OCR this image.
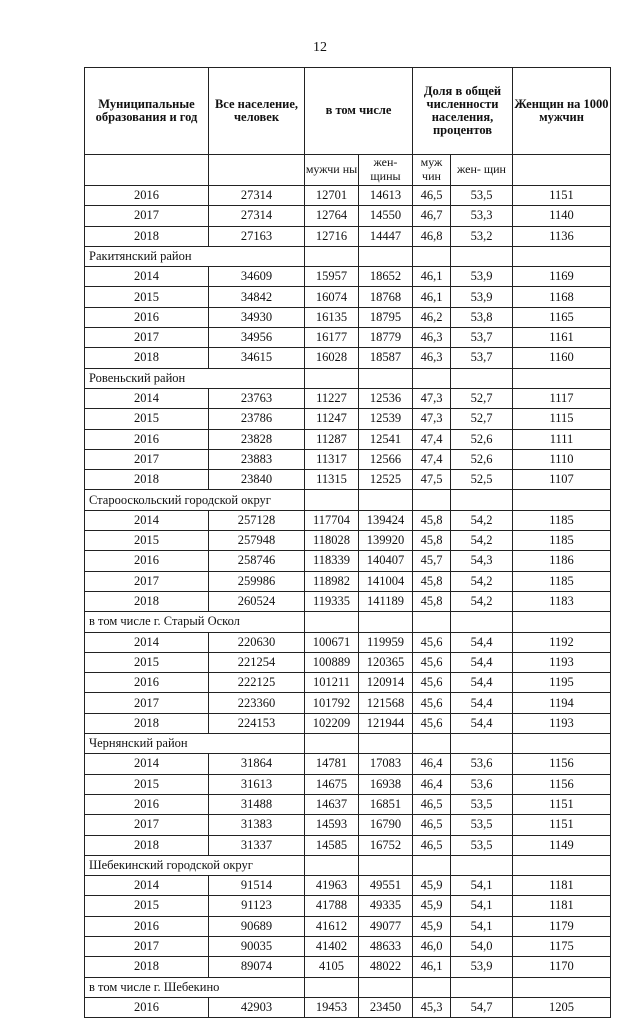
12
Муниципальные образования и год	Все население, человек	в том числе		Доля в общей численности населения, процентов		Женщин на 1000 мужчин
		мужчи ны	жен- щины	муж чин	жен- щин	
2016	27314	12701	14613	46,5	53,5	1151
2017	27314	12764	14550	46,7	53,3	1140
2018	27163	12716	14447	46,8	53,2	1136
Ракитянский район						
2014	34609	15957	18652	46,1	53,9	1169
2015	34842	16074	18768	46,1	53,9	1168
2016	34930	16135	18795	46,2	53,8	1165
2017	34956	16177	18779	46,3	53,7	1161
2018	34615	16028	18587	46,3	53,7	1160
Ровеньский район						
2014	23763	11227	12536	47,3	52,7	1117
2015	23786	11247	12539	47,3	52,7	1115
2016	23828	11287	12541	47,4	52,6	1111
2017	23883	11317	12566	47,4	52,6	1110
2018	23840	11315	12525	47,5	52,5	1107
Старооскольский городской округ						
2014	257128	117704	139424	45,8	54,2	1185
2015	257948	118028	139920	45,8	54,2	1185
2016	258746	118339	140407	45,7	54,3	1186
2017	259986	118982	141004	45,8	54,2	1185
2018	260524	119335	141189	45,8	54,2	1183
в том числе г. Старый Оскол						
2014	220630	100671	119959	45,6	54,4	1192
2015	221254	100889	120365	45,6	54,4	1193
2016	222125	101211	120914	45,6	54,4	1195
2017	223360	101792	121568	45,6	54,4	1194
2018	224153	102209	121944	45,6	54,4	1193
Чернянский район						
2014	31864	14781	17083	46,4	53,6	1156
2015	31613	14675	16938	46,4	53,6	1156
2016	31488	14637	16851	46,5	53,5	1151
2017	31383	14593	16790	46,5	53,5	1151
2018	31337	14585	16752	46,5	53,5	1149
Шебекинский городской округ						
2014	91514	41963	49551	45,9	54,1	1181
2015	91123	41788	49335	45,9	54,1	1181
2016	90689	41612	49077	45,9	54,1	1179
2017	90035	41402	48633	46,0	54,0	1175
2018	89074	4105	48022	46,1	53,9	1170
в том числе г. Шебекино						
2016	42903	19453	23450	45,3	54,7	1205
